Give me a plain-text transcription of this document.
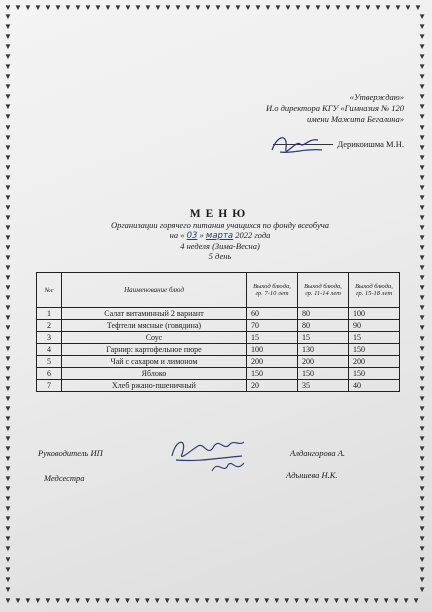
▼ ▼ ▼ ▼ ▼ ▼ ▼ ▼ ▼ ▼ ▼ ▼ ▼ ▼ ▼ ▼ ▼ ▼ ▼ ▼ ▼ ▼ ▼ ▼ ▼ ▼ ▼ ▼ ▼ ▼ ▼ ▼ ▼ ▼ ▼ ▼ ▼ ▼ ▼ ▼ ▼ ▼
▼ ▼ ▼ ▼ ▼ ▼ ▼ ▼ ▼ ▼ ▼ ▼ ▼ ▼ ▼ ▼ ▼ ▼ ▼ ▼ ▼ ▼ ▼ ▼ ▼ ▼ ▼ ▼ ▼ ▼ ▼ ▼ ▼ ▼ ▼ ▼ ▼ ▼ ▼ ▼ ▼ ▼
▼
▼
▼
▼
▼
▼
▼
▼
▼
▼
▼
▼
▼
▼
▼
▼
▼
▼
▼
▼
▼
▼
▼
▼
▼
▼
▼
▼
▼
▼
▼
▼
▼
▼
▼
▼
▼
▼
▼
▼
▼
▼
▼
▼
▼
▼
▼
▼
▼
▼
▼
▼
▼
▼
▼
▼
▼
▼
▼
▼
▼
▼
▼
▼
▼
▼
▼
▼
▼
▼
▼
▼
▼
▼
▼
▼
▼
▼
▼
▼
▼
▼
▼
▼
▼
▼
▼
▼
▼
▼
▼
▼
▼
▼
▼
▼
▼
▼
▼
▼
▼
▼
▼
▼
▼
▼
▼
▼
▼
▼
▼
▼
▼
▼
▼
▼
«Утверждаю»
И.о директора КГУ «Гимназия № 120
имени Мажита Бегалина»
Дерикоишма М.Н.
МЕНЮ
Организации горячего питания учащихся по фонду всеобуча
на « 03 » марта 2022 года
4 неделя (Зима-Весна)
5 день
№с	Наименование блюд	Выход блюда, гр. 7-10 лет	Выход блюда, гр. 11-14 лет	Выход блюда, гр. 15-18 лет
1	Салат витаминный 2 вариант	60	80	100
2	Тефтели мясные (говядина)	70	80	90
3	Соус	15	15	15
4	Гарнир: картофельное пюре	100	130	150
5	Чай с сахаром и лимоном	200	200	200
6	Яблоко	150	150	150
7	Хлеб ржано-пшеничный	20	35	40
Руководитель ИП	Алдангорова А.
Медсестра	Адышева Н.К.
